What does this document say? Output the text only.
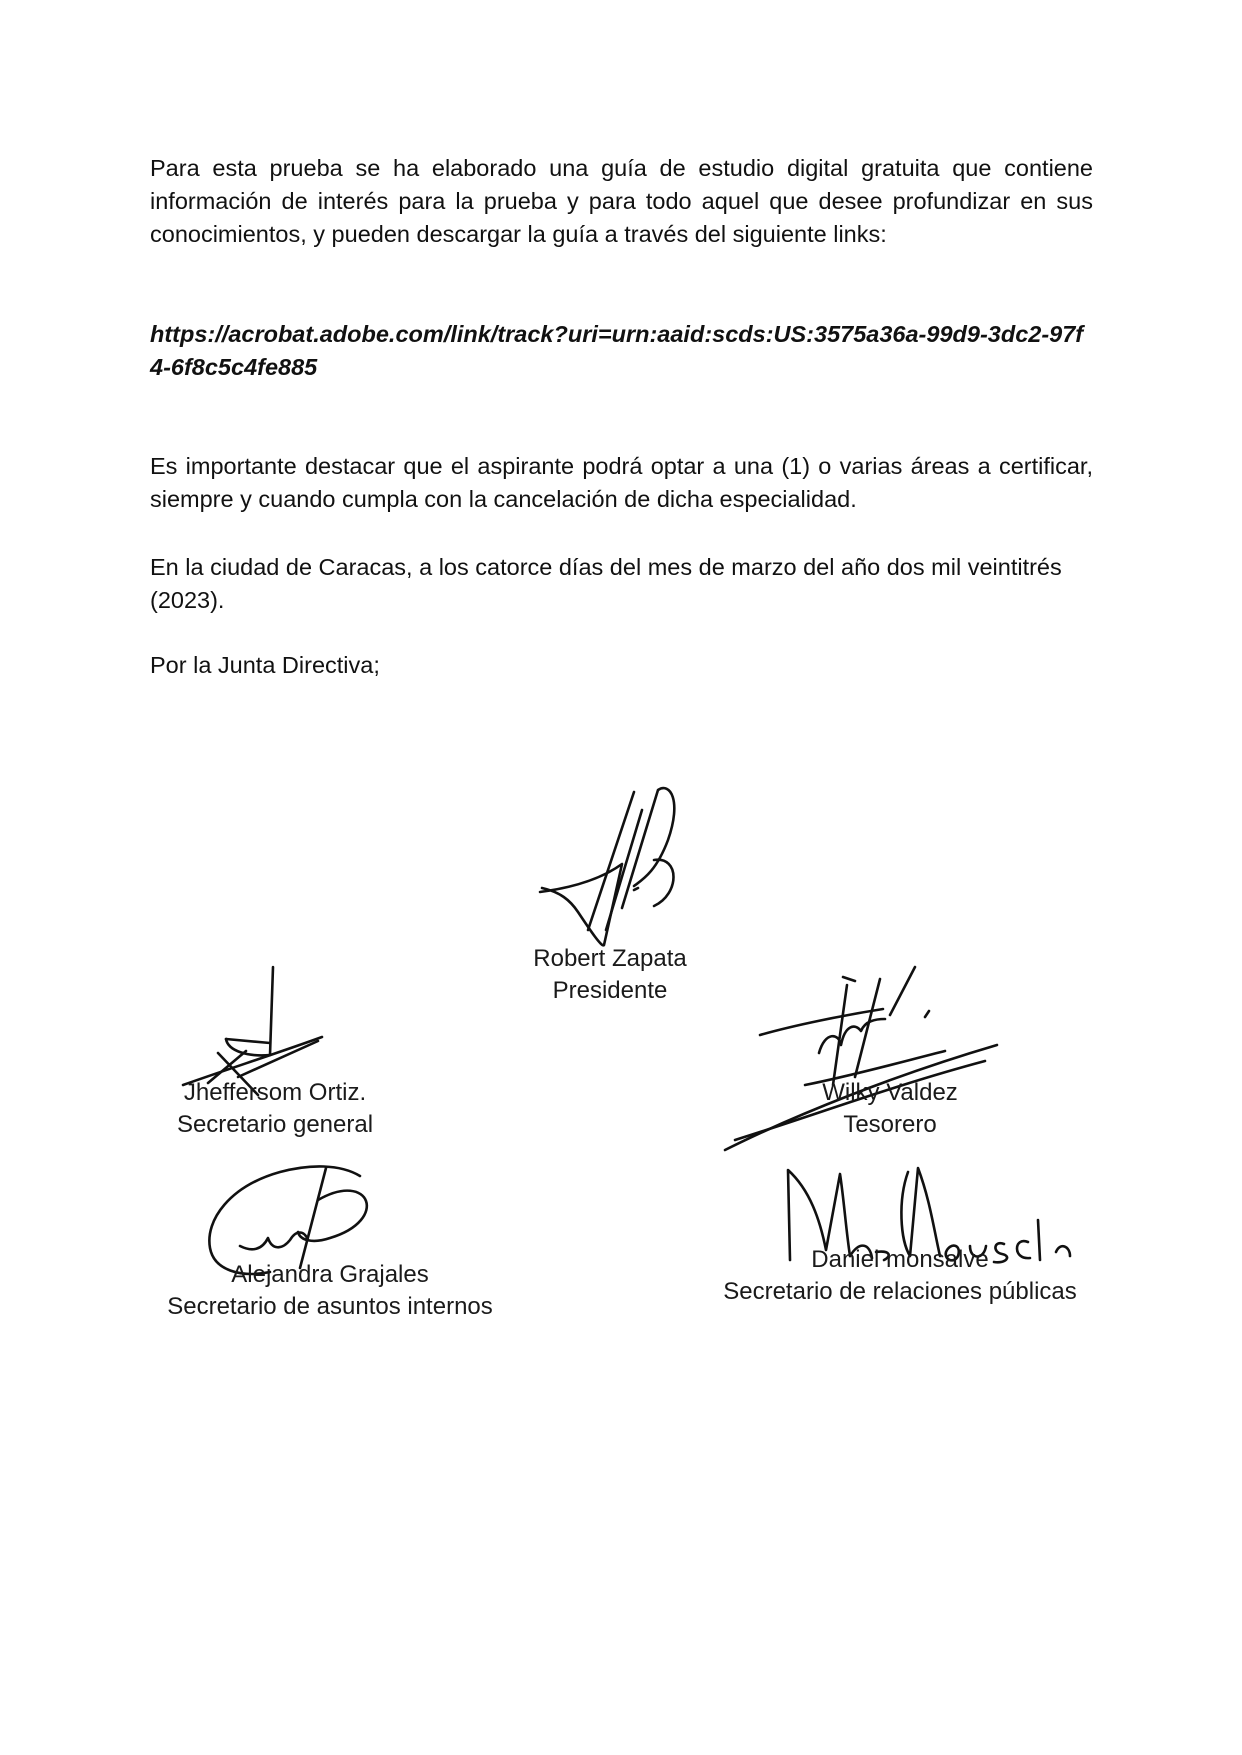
Para esta prueba se ha elaborado una guía de estudio digital gratuita que contiene información de interés para la prueba y para todo aquel que desee profundizar en sus conocimientos, y pueden descargar la guía a través del siguiente links:

https://acrobat.adobe.com/link/track?uri=urn:aaid:scds:US:3575a36a-99d9-3dc2-97f4-6f8c5c4fe885

Es importante destacar que el aspirante podrá optar a una (1) o varias áreas a certificar, siempre y cuando cumpla con la cancelación de dicha especialidad.

En la ciudad de Caracas, a los catorce días del mes de marzo del año dos mil veintitrés (2023).

Por la Junta Directiva;

Robert Zapata
Presidente
Jheffersom Ortiz.
Secretario general
Wilky Valdez
Tesorero
Alejandra Grajales
Secretario de asuntos internos
Daniel monsalve
Secretario de relaciones públicas
